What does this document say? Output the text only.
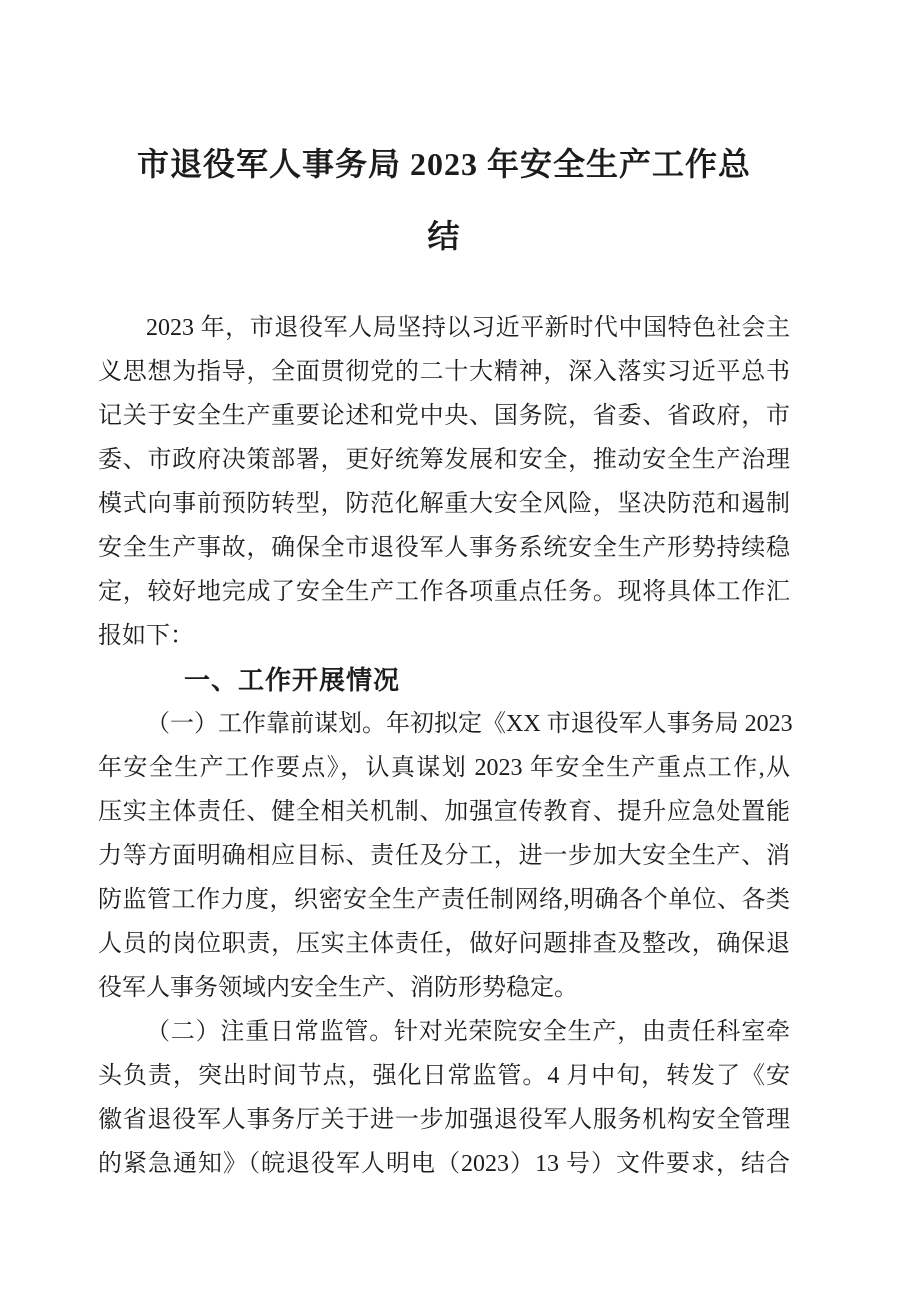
市退役军人事务局 2023 年安全生产工作总
结
2023 年，市退役军人局坚持以习近平新时代中国特色社会主
义思想为指导，全面贯彻党的二十大精神，深入落实习近平总书
记关于安全生产重要论述和党中央、国务院，省委、省政府，市
委、市政府决策部署，更好统筹发展和安全，推动安全生产治理
模式向事前预防转型，防范化解重大安全风险，坚决防范和遏制
安全生产事故，确保全市退役军人事务系统安全生产形势持续稳
定，较好地完成了安全生产工作各项重点任务。现将具体工作汇
报如下：
一、工作开展情况
（一）工作靠前谋划。年初拟定《XX 市退役军人事务局 2023
年安全生产工作要点》，认真谋划 2023 年安全生产重点工作,从
压实主体责任、健全相关机制、加强宣传教育、提升应急处置能
力等方面明确相应目标、责任及分工，进一步加大安全生产、消
防监管工作力度，织密安全生产责任制网络,明确各个单位、各类
人员的岗位职责，压实主体责任，做好问题排查及整改，确保退
役军人事务领域内安全生产、消防形势稳定。
（二）注重日常监管。针对光荣院安全生产，由责任科室牵
头负责，突出时间节点，强化日常监管。4 月中旬，转发了《安
徽省退役军人事务厅关于进一步加强退役军人服务机构安全管理
的紧急通知》（皖退役军人明电（2023）13 号）文件要求，结合
